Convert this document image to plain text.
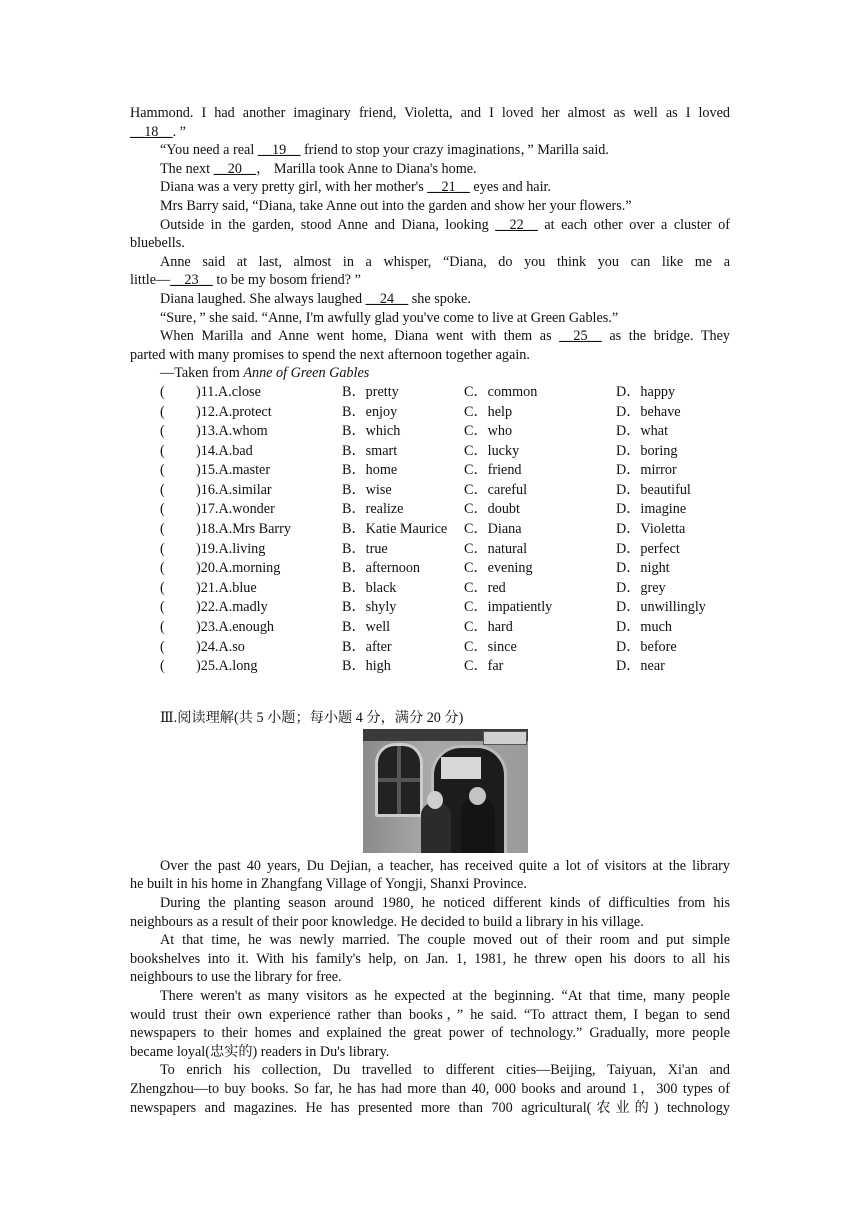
Hammond. I had another imaginary friend, Violetta, and I loved her almost as well as I loved
__18__. ”
“You need a real __19__ friend to stop your crazy imaginations，” Marilla said.
The next __20__， Marilla took Anne to Diana's home.
Diana was a very pretty girl, with her mother's __21__ eyes and hair.
Mrs Barry said, “Diana, take Anne out into the garden and show her your flowers.”
Outside in the garden, stood Anne and Diana, looking __22__ at each other over a cluster of
bluebells.
Anne said at last, almost in a whisper, “Diana, do you think you can like me a
little—__23__ to be my bosom friend? ”
Diana laughed. She always laughed __24__ she spoke.
“Sure，” she said. “Anne, I'm awfully glad you've come to live at Green Gables.”
When Marilla and Anne went home, Diana went with them as __25__ as the bridge. They
parted with many promises to spend the next afternoon together again.
—Taken from Anne of Green Gables
( )11.A.close	B．pretty	C．common	D．happy
( )12.A.protect	B．enjoy	C．help	D．behave
( )13.A.whom	B．which	C．who	D．what
( )14.A.bad	B．smart	C．lucky	D．boring
( )15.A.master	B．home	C．friend	D．mirror
( )16.A.similar	B．wise	C．careful	D．beautiful
( )17.A.wonder	B．realize	C．doubt	D．imagine
( )18.A.Mrs Barry	B．Katie Maurice C．Diana	D．Violetta
( )19.A.living	B．true	C．natural	D．perfect
( )20.A.morning	B．afternoon	C．evening	D．night
( )21.A.blue	B．black	C．red	D．grey
( )22.A.madly	B．shyly	C．impatiently	D．unwillingly
( )23.A.enough	B．well	C．hard	D．much
( )24.A.so	B．after	C．since	D．before
( )25.A.long	B．high	C．far	D．near
Ⅲ.阅读理解(共 5 小题；每小题 4 分，满分 20 分)
Over the past 40 years, Du Dejian, a teacher, has received quite a lot of visitors at the library
he built in his home in Zhangfang Village of Yongji, Shanxi Province.
During the planting season around 1980, he noticed different kinds of difficulties from his
neighbours as a result of their poor knowledge. He decided to build a library in his village.
At that time, he was newly married. The couple moved out of their room and put simple
bookshelves into it. With his family's help, on Jan. 1, 1981, he threw open his doors to all his
neighbours to use the library for free.
There weren't as many visitors as he expected at the beginning. “At that time, many people
would trust their own experience rather than books，” he said. “To attract them, I began to send
newspapers to their homes and explained the great power of technology.” Gradually, more people
became loyal(忠实的) readers in Du's library.
To enrich his collection, Du travelled to different cities—Beijing, Taiyuan, Xi'an and
Zhengzhou—to buy books. So far, he has had more than 40, 000 books and around 1，300 types of
newspapers and magazines. He has presented more than 700 agricultural(农业的) technology
